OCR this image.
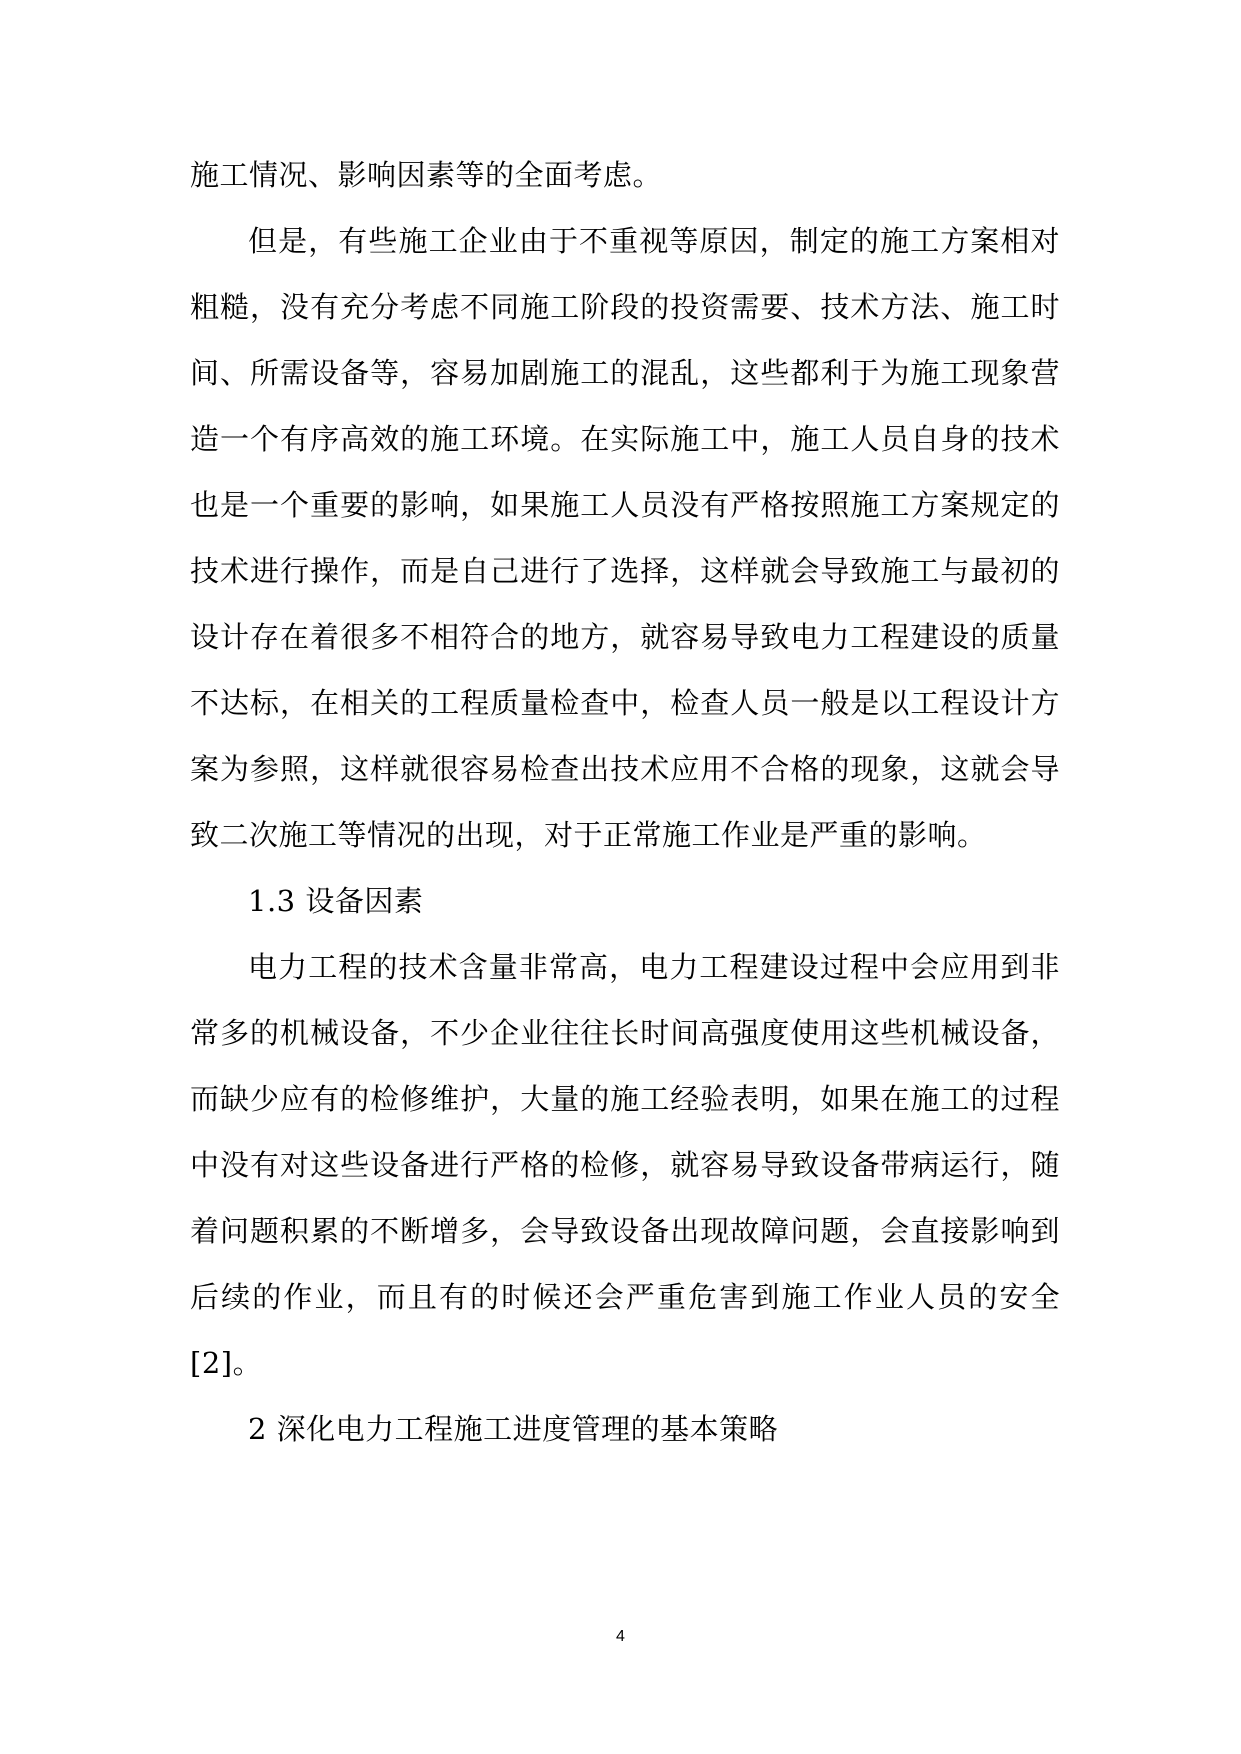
施工情况、影响因素等的全面考虑。

但是，有些施工企业由于不重视等原因，制定的施工方案相对粗糙，没有充分考虑不同施工阶段的投资需要、技术方法、施工时间、所需设备等，容易加剧施工的混乱，这些都利于为施工现象营造一个有序高效的施工环境。在实际施工中，施工人员自身的技术也是一个重要的影响，如果施工人员没有严格按照施工方案规定的技术进行操作，而是自己进行了选择，这样就会导致施工与最初的设计存在着很多不相符合的地方，就容易导致电力工程建设的质量不达标，在相关的工程质量检查中，检查人员一般是以工程设计方案为参照，这样就很容易检查出技术应用不合格的现象，这就会导致二次施工等情况的出现，对于正常施工作业是严重的影响。

1.3 设备因素

电力工程的技术含量非常高，电力工程建设过程中会应用到非常多的机械设备，不少企业往往长时间高强度使用这些机械设备，而缺少应有的检修维护，大量的施工经验表明，如果在施工的过程中没有对这些设备进行严格的检修，就容易导致设备带病运行，随着问题积累的不断增多，会导致设备出现故障问题，会直接影响到后续的作业，而且有的时候还会严重危害到施工作业人员的安全[2]。

2 深化电力工程施工进度管理的基本策略

4
